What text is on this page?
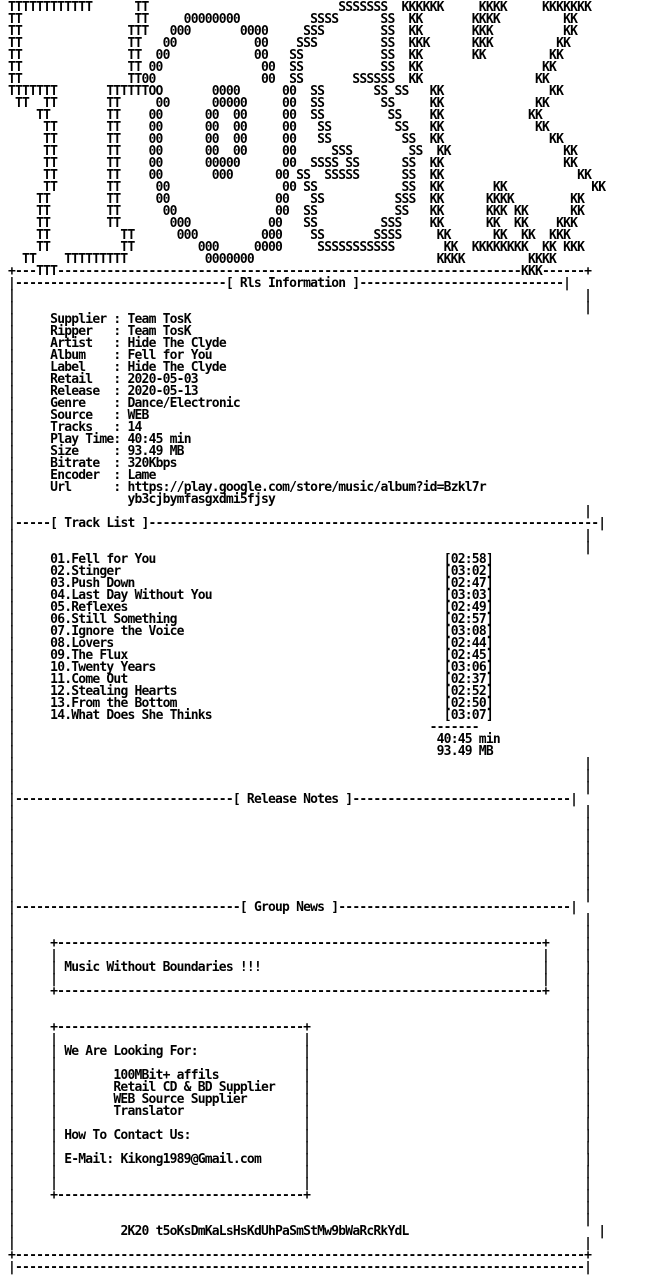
TTTTTTTTTTTT      TT                           SSSSSSS  KKKKKK     KKKK     KKKKKKK
TT                TT     00000000          SSSS      SS  KK       KKKK         KK
TT               TTT   000       0000     SSS        SS  KK       KKK          KK
TT               TT   00           00    SSS         SS  KKK      KKK         KK
TT               TT  00            00   SS           SS  KK       KK         KK
TT               TT 00              00  SS           SS  KK                 KK
TT               TT00               00  SS       SSSSSS  KK                KK
TTTTTTT       TTTTTTOO       0000      00  SS       SS SS   KK               KK
TT  TT       TT     00      00000     00  SS        SS     KK             KK
TT        TT    00      00  00     00  SS         SS    KK            KK
TT       TT    00      00  00     00   SS         SS   KK             KK
TT       TT    00      00  00     00   SS          SS  KK               KK
TT       TT    00      00  00     00     SSS        SS  KK                KK
TT       TT    00      00000      00  SSSS SS      SS  KK                 KK
TT       TT    00       000      00 SS  SSSSS      SS  KK                   KK
TT       TT     00                00 SS            SS  KK       KK            KK
TT        TT     00               00   SS          SSS  KK      KKKK        KK
TT        TT      00              00  SS           SS   KK      KKK KK      KK
TT        TT       000           00   SS         SSS    KK      KK  KK    KKK
TT          TT      000         000    SS       SSSS     KK      KK  KK  KKK
TT          TT         000     0000     SSSSSSSSSSS       KK  KKKKKKKK  KK KKK
TT    TTTTTTTTT           0000000                          KKKK         KKKK
+---TTT------------------------------------------------------------------KKK------+
|------------------------------[ Rls Information ]-----------------------------|
|                                                                                 |
|                                                                                 |
|	Supplier : Team TosK
|	Ripper   : Team TosK
|	Artist   : Hide The Clyde
|	Album    : Fell for You
|	Label    : Hide The Clyde
|	Retail   : 2020-05-03
|	Release  : 2020-05-13
|	Genre    : Dance/Electronic
|	Source   : WEB
|	Tracks   : 14
|	Play Time: 40:45 min
|	Size     : 93.49 MB
|	Bitrate  : 320Kbps
|	Encoder  : Lame
|	Url      : https://play.google.com/store/music/album?id=Bzkl7r
|	yb3cjbymfasgxdmi5fjsy
|                                                                                 |
|-----[ Track List ]----------------------------------------------------------------|
|                                                                                 |
|                                                                                 |
|	01.Fell for You	[02:58]
|	02.Stinger	[03:02]
|	03.Push Down	[02:47]
|	04.Last Day Without You	[03:03]
|	05.Reflexes	[02:49]
|	06.Still Something	[02:57]
|	07.Ignore the Voice	[03:08]
|	08.Lovers	[02:44]
|	09.The Flux	[02:45]
|	10.Twenty Years	[03:06]
|	11.Come Out	[02:37]
|	12.Stealing Hearts	[02:52]
|	13.From the Bottom	[02:50]
|	14.What Does She Thinks	[03:07]
|	-------
|	40:45 min
|	93.49 MB
|                                                                                 |
|                                                                                 |
|                                                                                 |
|-------------------------------[ Release Notes ]-------------------------------|
|                                                                                 |
|                                                                                 |
|                                                                                 |
|                                                                                 |
|                                                                                 |
|                                                                                 |
|                                                                                 |
|                                                                                 |
|--------------------------------[ Group News ]---------------------------------|
|                                                                                 |
|                                                                                 |
|     +---------------------------------------------------------------------+     |
|     |                                                                     |     |
|     | Music Without Boundaries !!!	|     |
|     |                                                                     |     |
|     +---------------------------------------------------------------------+     |
|                                                                                 |
|                                                                                 |
|     +-----------------------------------+                                       |
|     |                                   |                                       |
|     | We Are Looking For:	|                                       |
|     |                                   |                                       |
|     |	100MBit+ affils	|                                       |
|     |	Retail CD & BD Supplier    |                                       |
|     |	WEB Source Supplier	|                                       |
|     |	Translator	|                                       |
|     |                                   |                                       |
|     | How To Contact Us:	|                                       |
|     |                                   |                                       |
|     | E-Mail: Kikong1989@Gmail.com	|                                       |
|     |                                   |                                       |
|     |                                   |                                       |
|     +-----------------------------------+                                       |
|                                                                                 |
|                                                                                 |
|	2K20 t5oKsDmKaLsHsKdUhPaSmStMw9bWaRcRkYdL	|
|                                                                                 |
+---------------------------------------------------------------------------------+
|---------------------------------------------------------------------------------|
